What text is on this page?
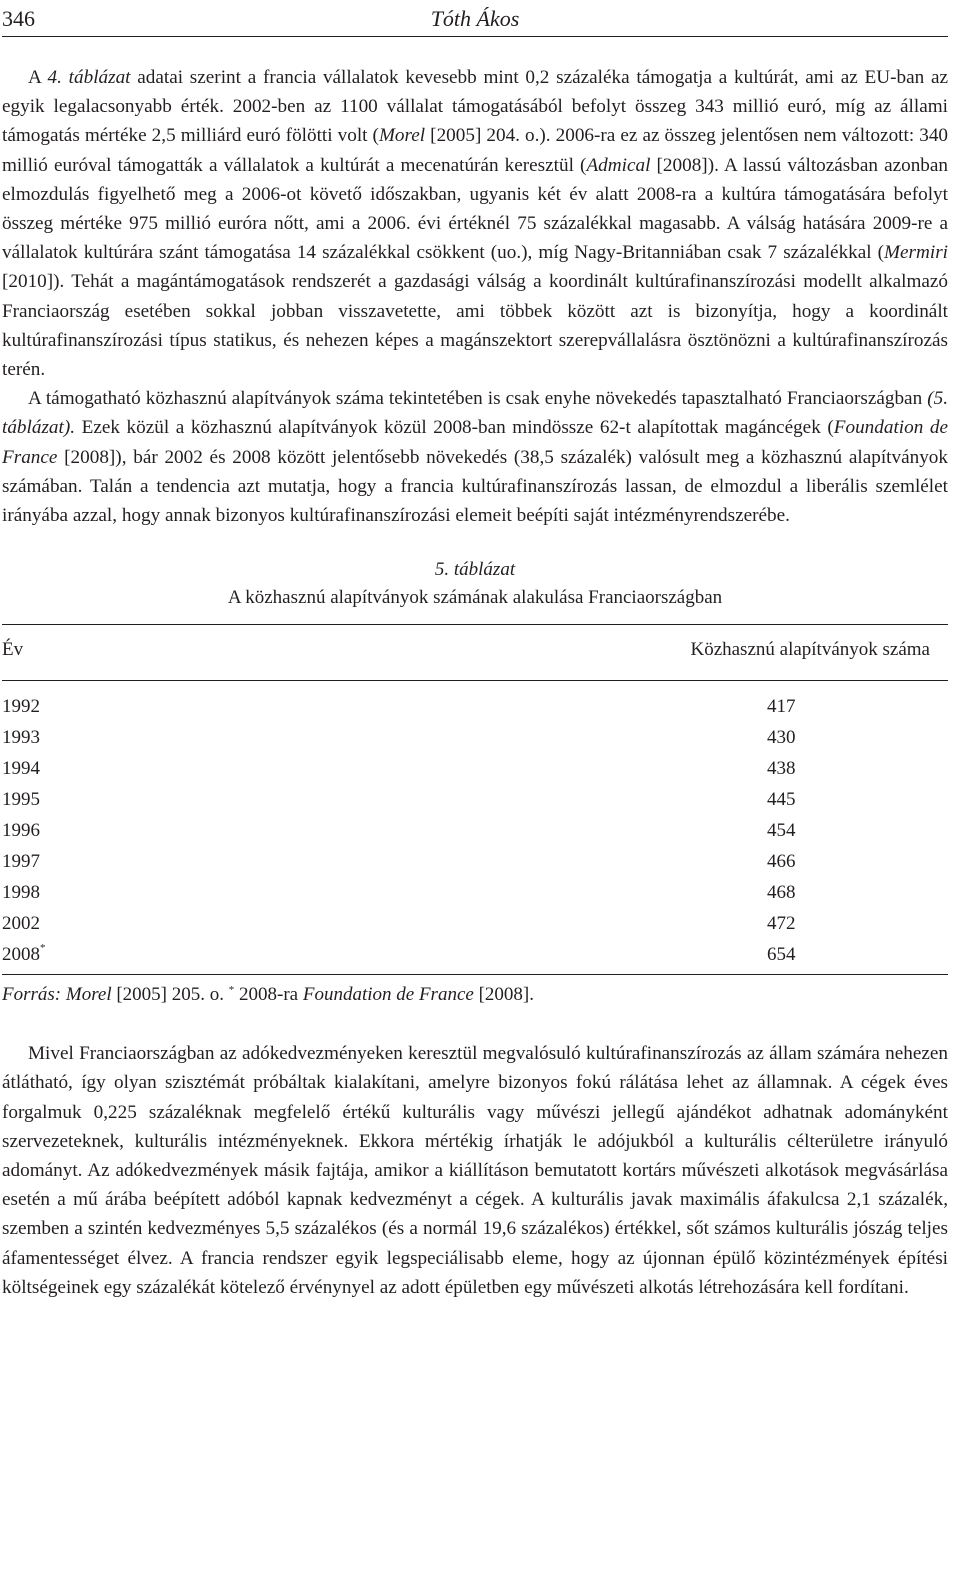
346	Tóth Ákos

A 4. táblázat adatai szerint a francia vállalatok kevesebb mint 0,2 százaléka támogatja a kultúrát, ami az EU-ban az egyik legalacsonyabb érték. 2002-ben az 1100 vállalat támogatásából befolyt összeg 343 millió euró, míg az állami támogatás mértéke 2,5 milliárd euró fölötti volt (Morel [2005] 204. o.). 2006-ra ez az összeg jelentősen nem változott: 340 millió euróval támogatták a vállalatok a kultúrát a mecenatúrán keresztül (Admical [2008]). A lassú változásban azonban elmozdulás figyelhető meg a 2006-ot követő időszakban, ugyanis két év alatt 2008-ra a kultúra támogatására befolyt összeg mértéke 975 millió euróra nőtt, ami a 2006. évi értéknél 75 százalékkal magasabb. A válság hatására 2009-re a vállalatok kultúrára szánt támogatása 14 százalékkal csökkent (uo.), míg Nagy-Britanniában csak 7 százalékkal (Mermiri [2010]). Tehát a magántámogatások rendszerét a gazdasági válság a koordinált kultúrafinanszírozási modellt alkalmazó Franciaország esetében sokkal jobban visszavetette, ami többek között azt is bizonyítja, hogy a koordinált kultúrafinanszírozási típus statikus, és nehezen képes a magánszektort szerepvállalásra ösztönözni a kultúrafinanszírozás terén.

A támogatható közhasznú alapítványok száma tekintetében is csak enyhe növekedés tapasztalható Franciaországban (5. táblázat). Ezek közül a közhasznú alapítványok közül 2008-ban mindössze 62-t alapítottak magáncégek (Foundation de France [2008]), bár 2002 és 2008 között jelentősebb növekedés (38,5 százalék) valósult meg a közhasznú alapítványok számában. Talán a tendencia azt mutatja, hogy a francia kultúrafinanszírozás lassan, de elmozdul a liberális szemlélet irányába azzal, hogy annak bizonyos kultúrafinanszírozási elemeit beépíti saját intézményrendszerébe.

5. táblázat
A közhasznú alapítványok számának alakulása Franciaországban
Év	Közhasznú alapítványok száma
1992	417
1993	430
1994	438
1995	445
1996	454
1997	466
1998	468
2002	472
2008*	654
Forrás: Morel [2005] 205. o. * 2008-ra Foundation de France [2008].

Mivel Franciaországban az adókedvezményeken keresztül megvalósuló kultúrafinanszírozás az állam számára nehezen átlátható, így olyan szisztémát próbáltak kialakítani, amelyre bizonyos fokú rálátása lehet az államnak. A cégek éves forgalmuk 0,225 százaléknak megfelelő értékű kulturális vagy művészi jellegű ajándékot adhatnak adományként szervezeteknek, kulturális intézményeknek. Ekkora mértékig írhatják le adójukból a kulturális célterületre irányuló adományt. Az adókedvezmények másik fajtája, amikor a kiállításon bemutatott kortárs művészeti alkotások megvásárlása esetén a mű árába beépített adóból kapnak kedvezményt a cégek. A kulturális javak maximális áfakulcsa 2,1 százalék, szemben a szintén kedvezményes 5,5 százalékos (és a normál 19,6 százalékos) értékkel, sőt számos kulturális jószág teljes áfamentességet élvez. A francia rendszer egyik legspeciálisabb eleme, hogy az újonnan épülő közintézmények építési költségeinek egy százalékát kötelező érvénynyel az adott épületben egy művészeti alkotás létrehozására kell fordítani.
